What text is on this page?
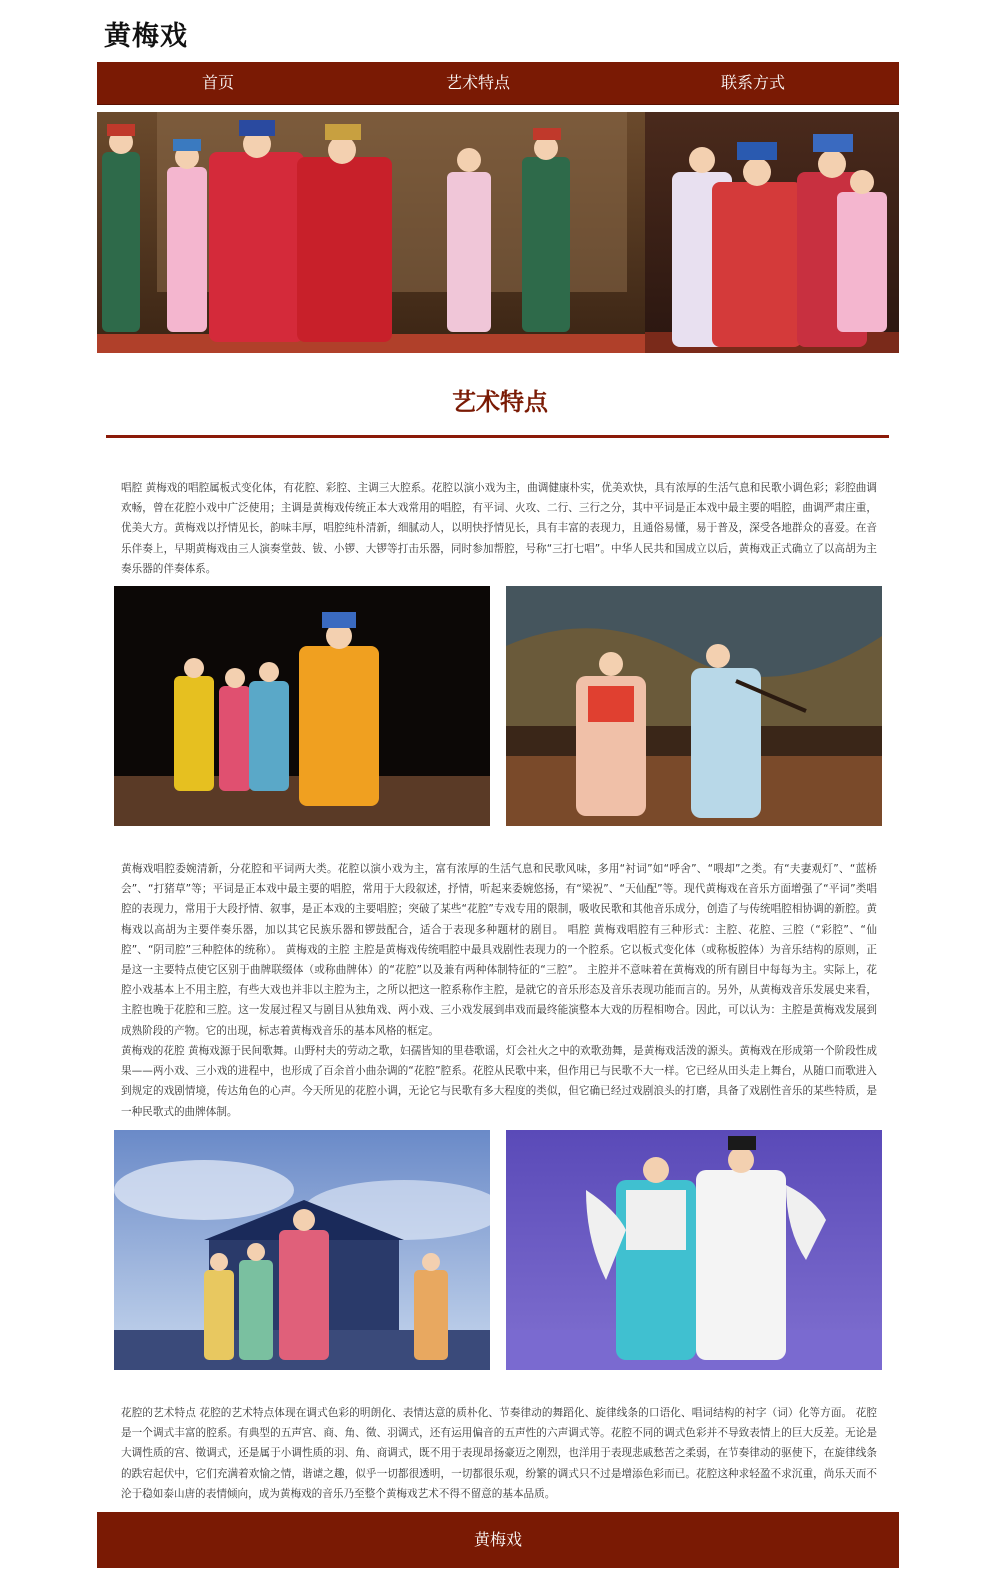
黄梅戏
首页	艺术特点	联系方式
艺术特点

唱腔 黄梅戏的唱腔属板式变化体，有花腔、彩腔、主调三大腔系。花腔以演小戏为主，曲调健康朴实，优美欢快，具有浓厚的生活气息和民歌小调色彩；彩腔曲调欢畅，曾在花腔小戏中广泛使用；主调是黄梅戏传统正本大戏常用的唱腔，有平词、火攻、二行、三行之分，其中平词是正本戏中最主要的唱腔，曲调严肃庄重，优美大方。黄梅戏以抒情见长，韵味丰厚，唱腔纯朴清新，细腻动人，以明快抒情见长，具有丰富的表现力，且通俗易懂，易于普及，深受各地群众的喜爱。在音乐伴奏上，早期黄梅戏由三人演奏堂鼓、钹、小锣、大锣等打击乐器，同时参加帮腔，号称“三打七唱”。中华人民共和国成立以后，黄梅戏正式确立了以高胡为主奏乐器的伴奏体系。

黄梅戏唱腔委婉清新，分花腔和平词两大类。花腔以演小戏为主，富有浓厚的生活气息和民歌风味，多用“衬词”如“呼舍”、“喂却”之类。有“夫妻观灯”、“蓝桥会”、“打猪草”等；平词是正本戏中最主要的唱腔，常用于大段叙述，抒情，听起来委婉悠扬，有“梁祝”、“天仙配”等。现代黄梅戏在音乐方面增强了“平词”类唱腔的表现力，常用于大段抒情、叙事，是正本戏的主要唱腔；突破了某些“花腔”专戏专用的限制，吸收民歌和其他音乐成分，创造了与传统唱腔相协调的新腔。黄梅戏以高胡为主要伴奏乐器，加以其它民族乐器和锣鼓配合，适合于表现多种题材的剧目。 唱腔 黄梅戏唱腔有三种形式：主腔、花腔、三腔（“彩腔”、“仙腔”、“阴司腔”三种腔体的统称）。 黄梅戏的主腔 主腔是黄梅戏传统唱腔中最具戏剧性表现力的一个腔系。它以板式变化体（或称板腔体）为音乐结构的原则，正是这一主要特点使它区别于曲牌联缀体（或称曲牌体）的“花腔”以及兼有两种体制特征的“三腔”。 主腔并不意味着在黄梅戏的所有剧目中每每为主。实际上，花腔小戏基本上不用主腔，有些大戏也并非以主腔为主，之所以把这一腔系称作主腔，是就它的音乐形态及音乐表现功能而言的。另外，从黄梅戏音乐发展史来看，主腔也晚于花腔和三腔。这一发展过程又与剧目从独角戏、两小戏、三小戏发展到串戏而最终能演整本大戏的历程相吻合。因此，可以认为：主腔是黄梅戏发展到成熟阶段的产物。它的出现，标志着黄梅戏音乐的基本风格的框定。

黄梅戏的花腔 黄梅戏源于民间歌舞。山野村夫的劳动之歌，妇孺皆知的里巷歌谣，灯会社火之中的欢歌劲舞，是黄梅戏活泼的源头。黄梅戏在形成第一个阶段性成果——两小戏、三小戏的进程中，也形成了百余首小曲杂调的“花腔”腔系。花腔从民歌中来，但作用已与民歌不大一样。它已经从田头走上舞台，从随口而歌进入到规定的戏剧情境，传达角色的心声。今天所见的花腔小调，无论它与民歌有多大程度的类似，但它确已经过戏剧浪头的打磨，具备了戏剧性音乐的某些特质，是一种民歌式的曲牌体制。

花腔的艺术特点 花腔的艺术特点体现在调式色彩的明朗化、表情达意的质朴化、节奏律动的舞蹈化、旋律线条的口语化、唱词结构的衬字（词）化等方面。 花腔是一个调式丰富的腔系。有典型的五声宫、商、角、徵、羽调式，还有运用偏音的五声性的六声调式等。花腔不同的调式色彩并不导致表情上的巨大反差。无论是大调性质的宫、徵调式，还是属于小调性质的羽、角、商调式，既不用于表现昂扬豪迈之刚烈，也洋用于表现悲戚愁苦之柔弱，在节奏律动的驱使下，在旋律线条的跌宕起伏中，它们充满着欢愉之情，谐谑之趣，似乎一切都很透明，一切都很乐观，纷繁的调式只不过是增添色彩而已。花腔这种求轻盈不求沉重，尚乐天而不沦于稳如泰山唐的表情倾向，成为黄梅戏的音乐乃至整个黄梅戏艺术不得不留意的基本品质。

黄梅戏
